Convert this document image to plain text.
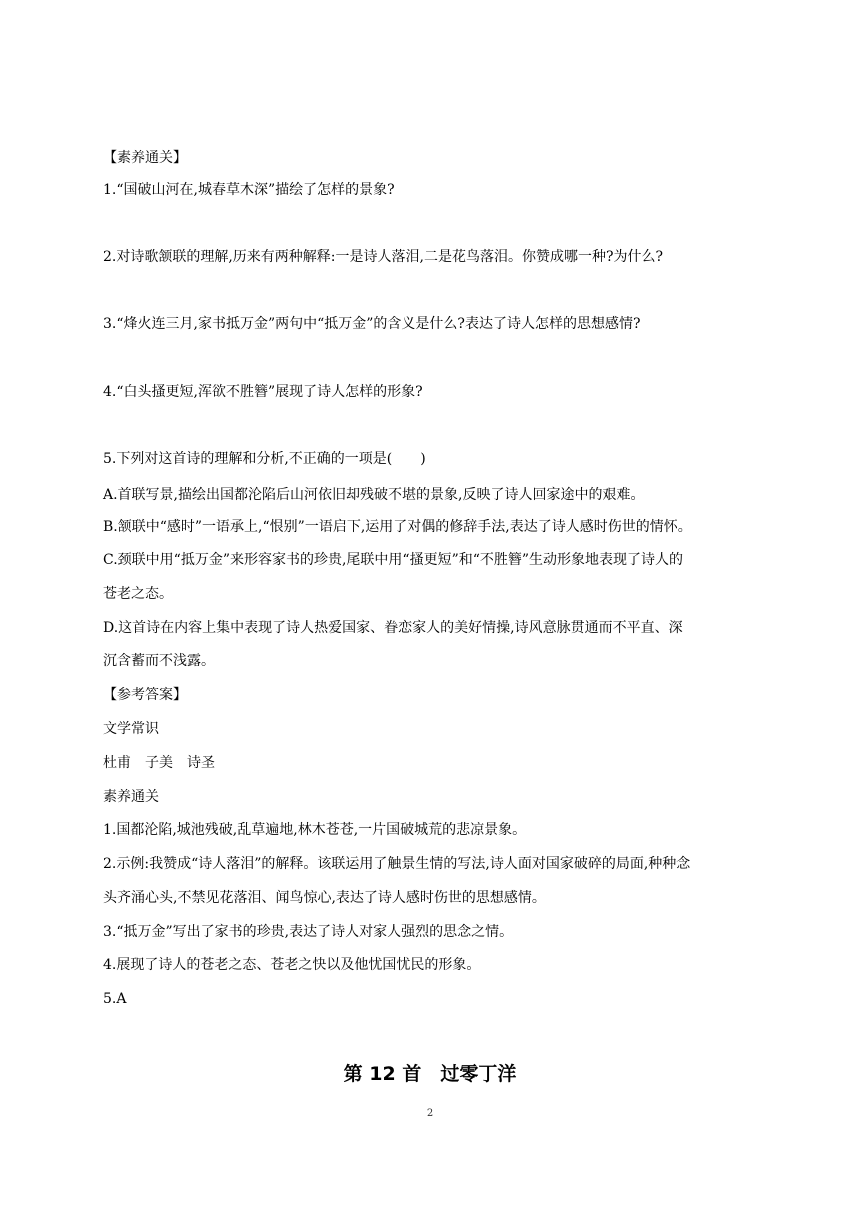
【素养通关】
1.“国破山河在,城春草木深”描绘了怎样的景象?
2.对诗歌颔联的理解,历来有两种解释:一是诗人落泪,二是花鸟落泪。你赞成哪一种?为什么?
3.“烽火连三月,家书抵万金”两句中“抵万金”的含义是什么?表达了诗人怎样的思想感情?
4.“白头搔更短,浑欲不胜簪”展现了诗人怎样的形象?
5.下列对这首诗的理解和分析,不正确的一项是(　　)
A.首联写景,描绘出国都沦陷后山河依旧却残破不堪的景象,反映了诗人回家途中的艰难。
B.颔联中“感时”一语承上,“恨别”一语启下,运用了对偶的修辞手法,表达了诗人感时伤世的情怀。
C.颈联中用“抵万金”来形容家书的珍贵,尾联中用“搔更短”和“不胜簪”生动形象地表现了诗人的
苍老之态。
D.这首诗在内容上集中表现了诗人热爱国家、眷恋家人的美好情操,诗风意脉贯通而不平直、深
沉含蓄而不浅露。
【参考答案】
文学常识
杜甫　子美　诗圣
素养通关
1.国都沦陷,城池残破,乱草遍地,林木苍苍,一片国破城荒的悲凉景象。
2.示例:我赞成“诗人落泪”的解释。该联运用了触景生情的写法,诗人面对国家破碎的局面,种种念
头齐涌心头,不禁见花落泪、闻鸟惊心,表达了诗人感时伤世的思想感情。
3.“抵万金”写出了家书的珍贵,表达了诗人对家人强烈的思念之情。
4.展现了诗人的苍老之态、苍老之快以及他忧国忧民的形象。
5.A
第 12 首　过零丁洋
2
